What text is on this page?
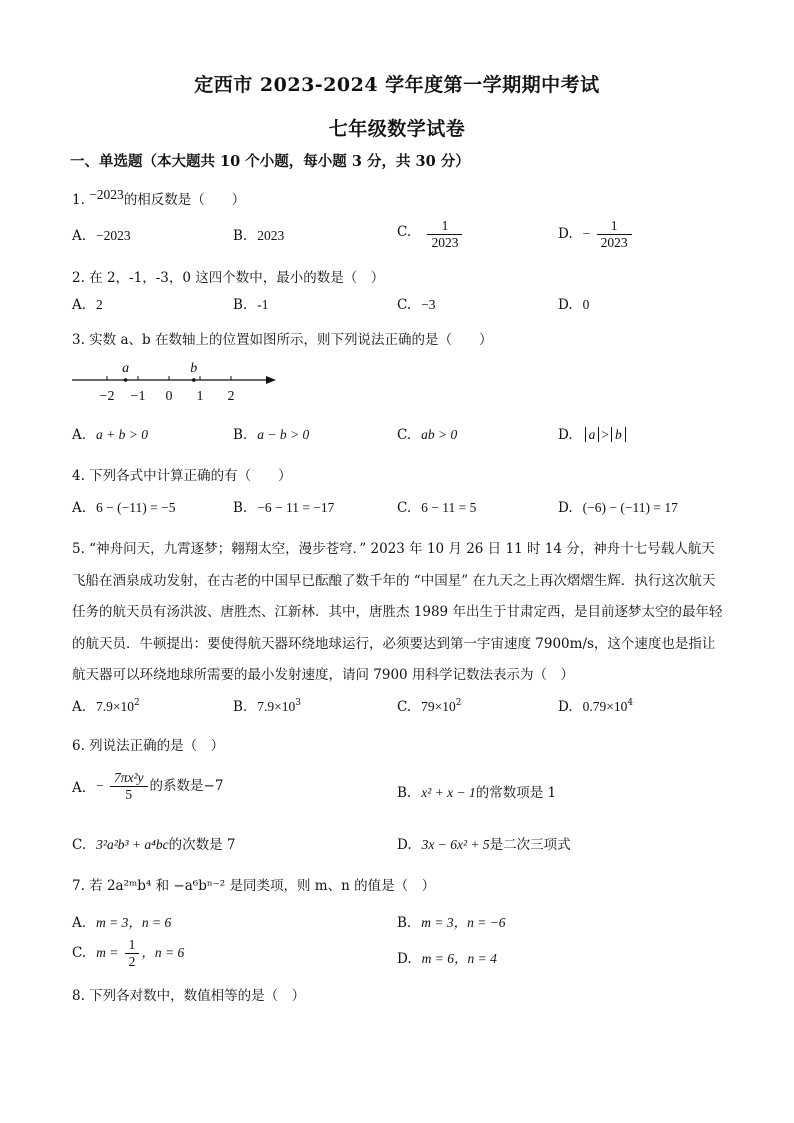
定西市 2023-2024 学年度第一学期期中考试
七年级数学试卷
一、单选题（本大题共 10 个小题，每小题 3 分，共 30 分）
1. −2023的相反数是（　　）
A. −2023	B. 2023	C. $\frac{1}{2023}$	D. − $\frac{1}{2023}$
2. 在 2，-1，-3，0 这四个数中，最小的数是（　）
A. 2	B. -1	C. −3	D. 0
3. 实数 a、b 在数轴上的位置如图所示，则下列说法正确的是（　　）
−2 −1 0 1 2
a	b
A. a + b > 0	B. a − b > 0	C. ab > 0	D. a > b
4. 下列各式中计算正确的有（　　）
A. 6 − (−11) = −5	B. −6 − 11 = −17	C. 6 − 11 = 5	D. (−6) − (−11) = 17
5. “神舟问天，九霄逐梦；翱翔太空，漫步苍穹．” 2023 年 10 月 26 日 11 时 14 分，神舟十七号载人航天飞船在酒泉成功发射，在古老的中国早已酝酿了数千年的 “中国星” 在九天之上再次熠熠生辉．执行这次航天任务的航天员有汤洪波、唐胜杰、江新林．其中，唐胜杰 1989 年出生于甘肃定西，是目前逐梦太空的最年轻的航天员．牛顿提出：要使得航天器环绕地球运行，必须要达到第一宇宙速度 7900m/s，这个速度也是指让航天器可以环绕地球所需要的最小发射速度，请问 7900 用科学记数法表示为（　）
A. $7.9\times 10^2$	B. $7.9\times 10^3$	C. $79\times 10^2$	D. $0.79\times 10^4$
6. 列说法正确的是（　）
A. − $\frac{\text{7πx²y}}{5}$ 的系数是−7	B. x² + x − 1的常数项是 1
C. 3²a²b³ + a⁴bc的次数是 7	D. 3x − 6x² + 5是二次三项式
7. 若 2a²ᵐb⁴ 和 −a⁶bⁿ⁻² 是同类项，则 m、n 的值是（　）
A. m = 3，n = 6	B. m = 3，n = −6
C. $m = \frac{1}{2}$ ，n = 6	D. m = 6，n = 4
8. 下列各对数中，数值相等的是（　）
